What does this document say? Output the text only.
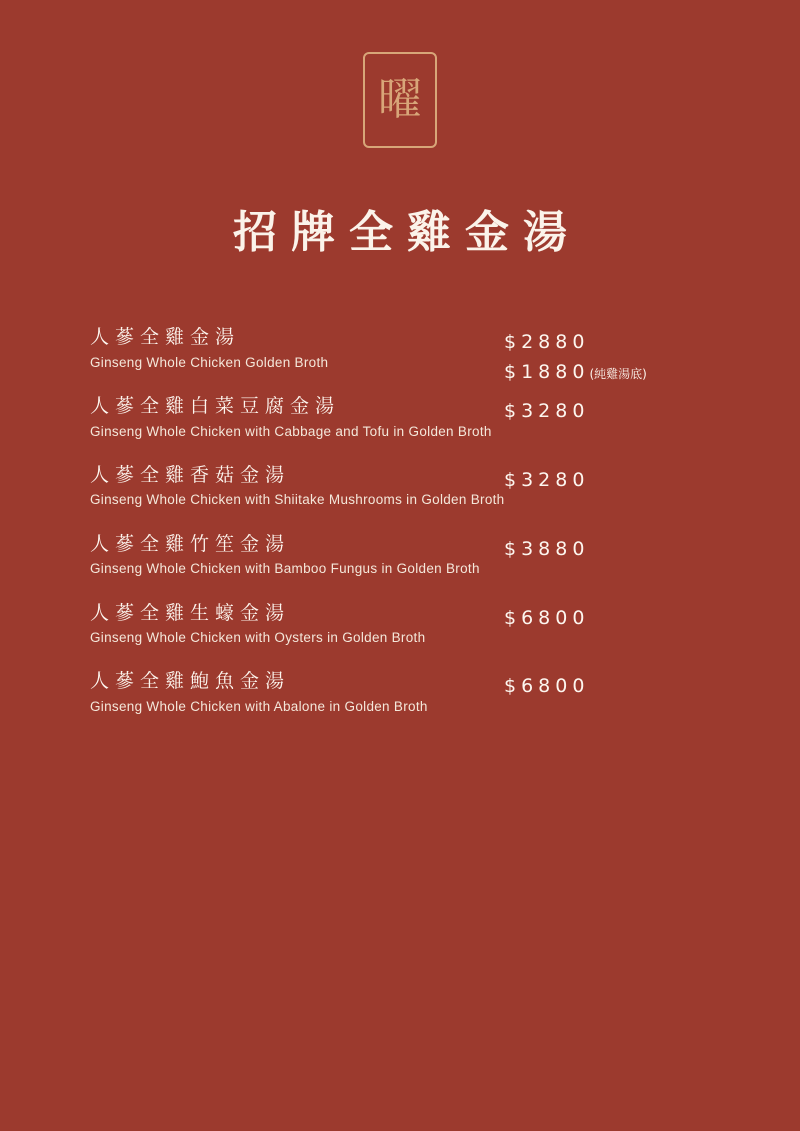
曜
招牌全雞金湯
人蔘全雞金湯
Ginseng Whole Chicken Golden Broth
$2880
$1880(純雞湯底)
人蔘全雞白菜豆腐金湯
Ginseng Whole Chicken with Cabbage and Tofu in Golden Broth
$3280
人蔘全雞香菇金湯
Ginseng Whole Chicken with Shiitake Mushrooms in Golden Broth
$3280
人蔘全雞竹笙金湯
Ginseng Whole Chicken with Bamboo Fungus in Golden Broth
$3880
人蔘全雞生蠔金湯
Ginseng Whole Chicken with Oysters in Golden Broth
$6800
人蔘全雞鮑魚金湯
Ginseng Whole Chicken with Abalone in Golden Broth
$6800
